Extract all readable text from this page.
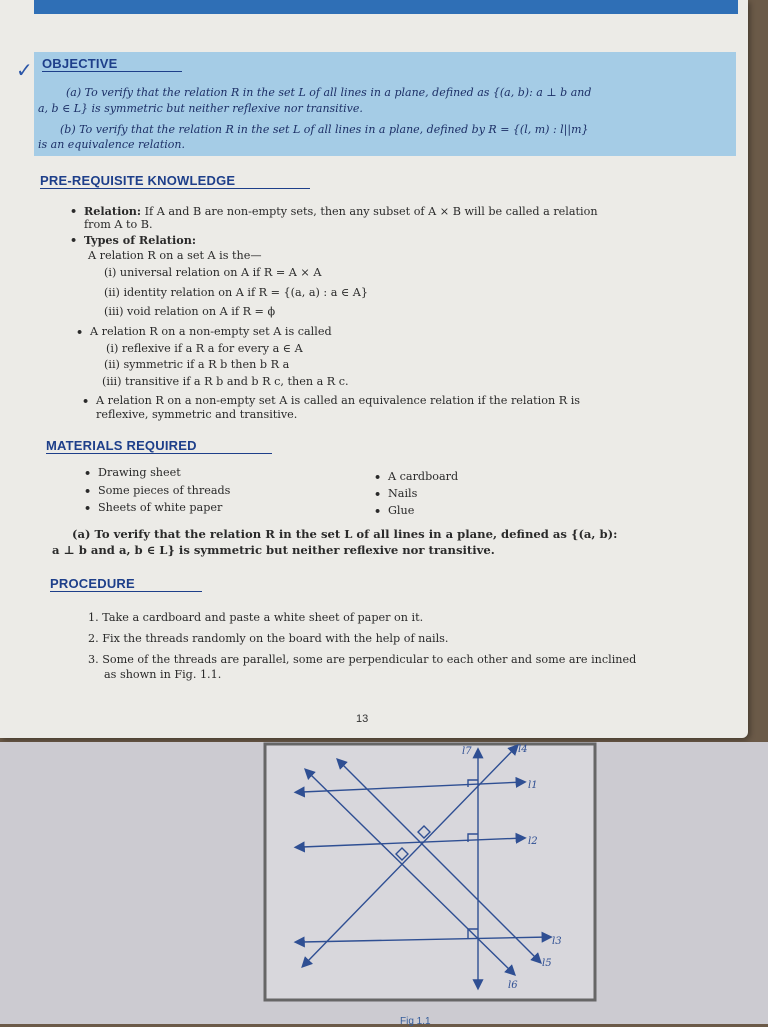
✓ OBJECTIVE
(a) To verify that the relation R in the set L of all lines in a plane, defined as {(a, b): a ⊥ b and
a, b ∈ L} is symmetric but neither reflexive nor transitive.
(b) To verify that the relation R in the set L of all lines in a plane, defined by R = {(l, m) : l||m}
is an equivalence relation.
PRE-REQUISITE KNOWLEDGE
• Relation: If A and B are non-empty sets, then any subset of A × B will be called a relation
from A to B.
• Types of Relation:
A relation R on a set A is the—
(i) universal relation on A if R = A × A
(ii) identity relation on A if R = {(a, a) : a ∈ A}
(iii) void relation on A if R = ϕ
• A relation R on a non-empty set A is called
(i) reflexive if a R a for every a ∈ A
(ii) symmetric if a R b then b R a
(iii) transitive if a R b and b R c, then a R c.
• A relation R on a non-empty set A is called an equivalence relation if the relation R is
reflexive, symmetric and transitive.
MATERIALS REQUIRED
• Drawing sheet
• Some pieces of threads
• Sheets of white paper
• A cardboard
• Nails
• Glue
(a) To verify that the relation R in the set L of all lines in a plane, defined as {(a, b):
a ⊥ b and a, b ∈ L} is symmetric but neither reflexive nor transitive.
PROCEDURE
1. Take a cardboard and paste a white sheet of paper on it.
2. Fix the threads randomly on the board with the help of nails.
3. Some of the threads are parallel, some are perpendicular to each other and some are inclined
as shown in Fig. 1.1.
13
l7	l4
l1
l2
l3
l5
l6
Fig 1.1
